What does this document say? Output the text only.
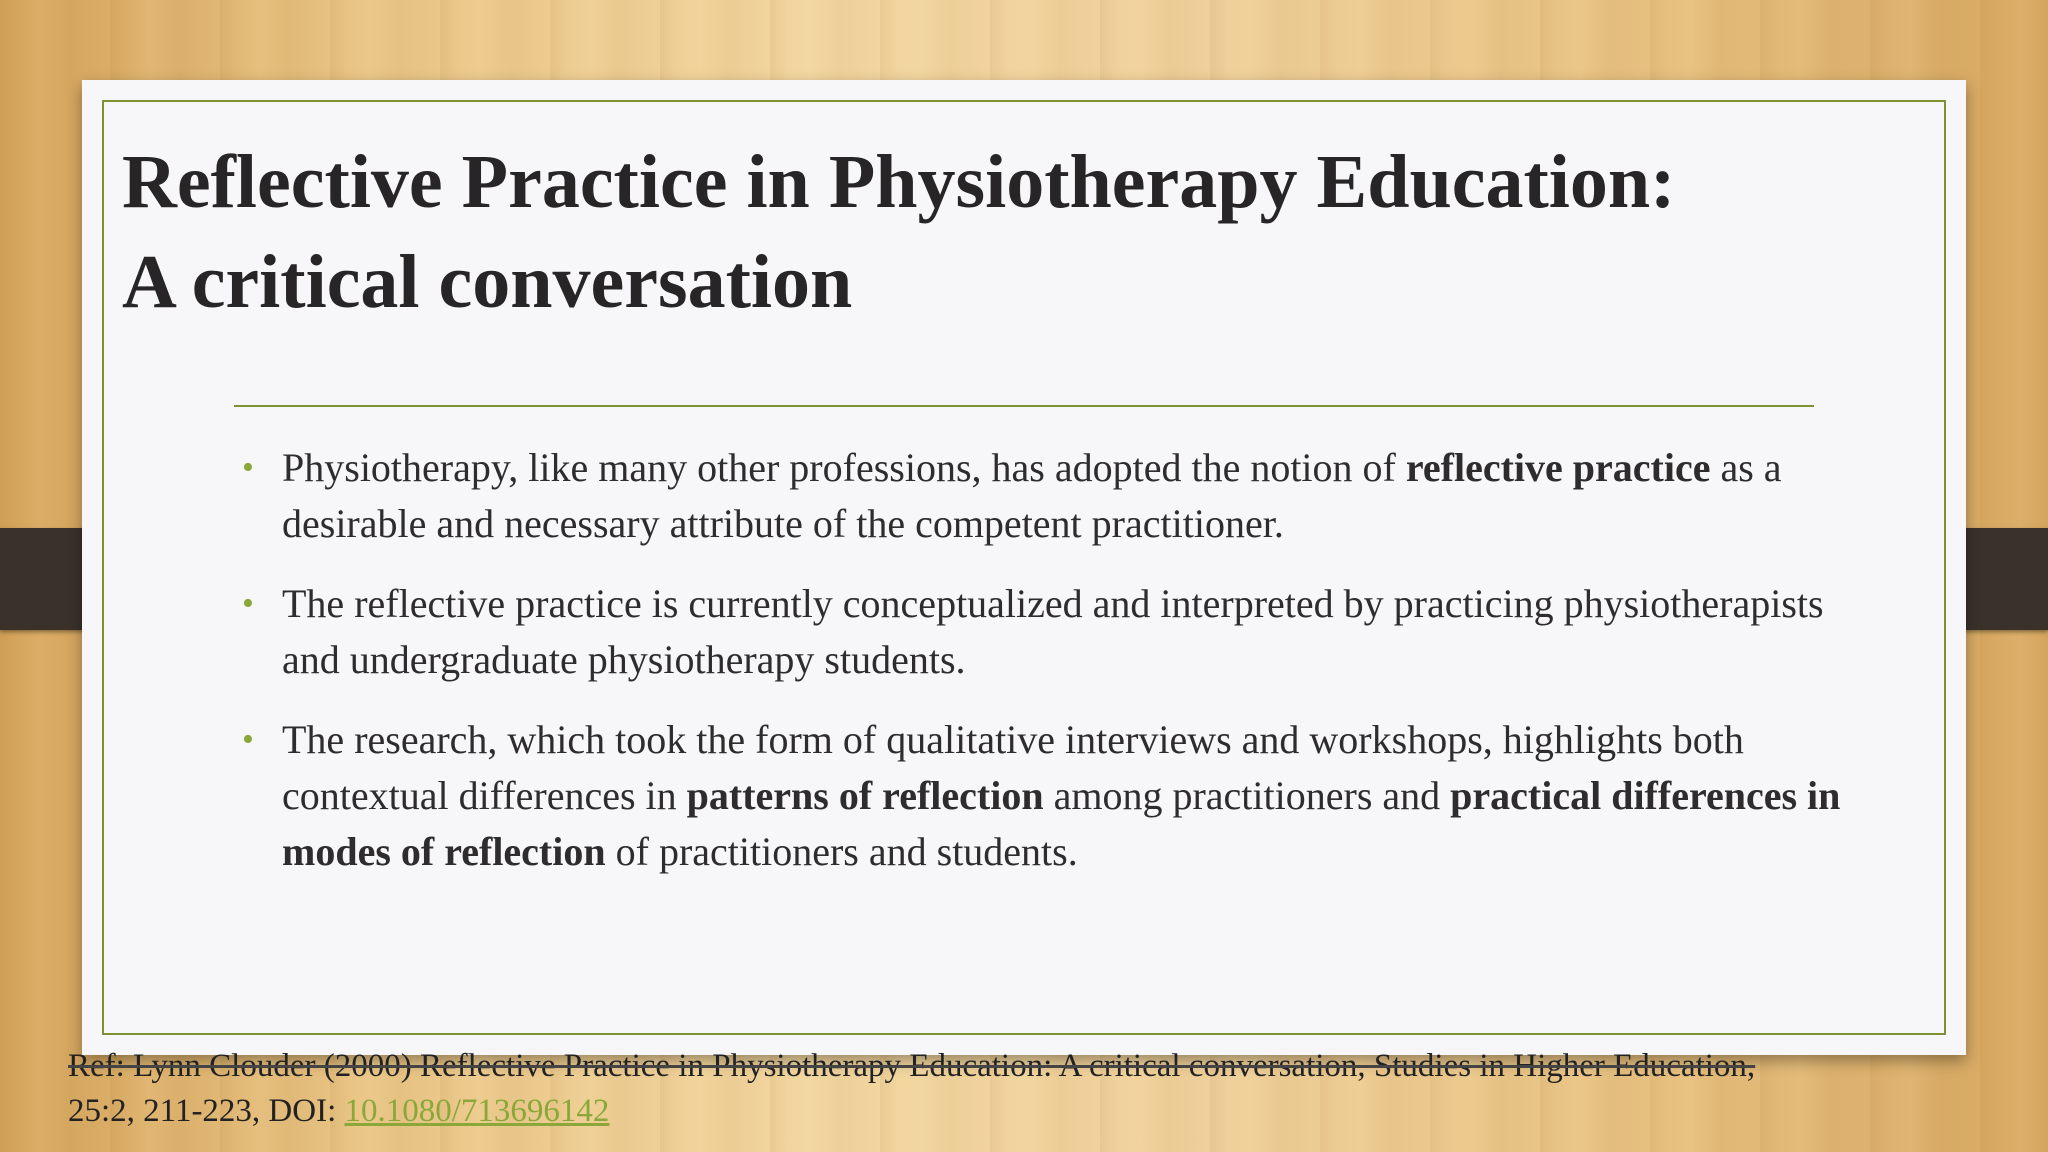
Reflective Practice in Physiotherapy Education:
A critical conversation
• Physiotherapy, like many other professions, has adopted the notion of reflective practice as a desirable and necessary attribute of the competent practitioner.
• The reflective practice is currently conceptualized and interpreted by practicing physiotherapists and undergraduate physiotherapy students.
• The research, which took the form of qualitative interviews and workshops, highlights both contextual differences in patterns of reflection among practitioners and practical differences in modes of reflection of practitioners and students.
Ref: Lynn Clouder (2000) Reflective Practice in Physiotherapy Education: A critical conversation, Studies in Higher Education,
25:2, 211-223, DOI: 10.1080/713696142
